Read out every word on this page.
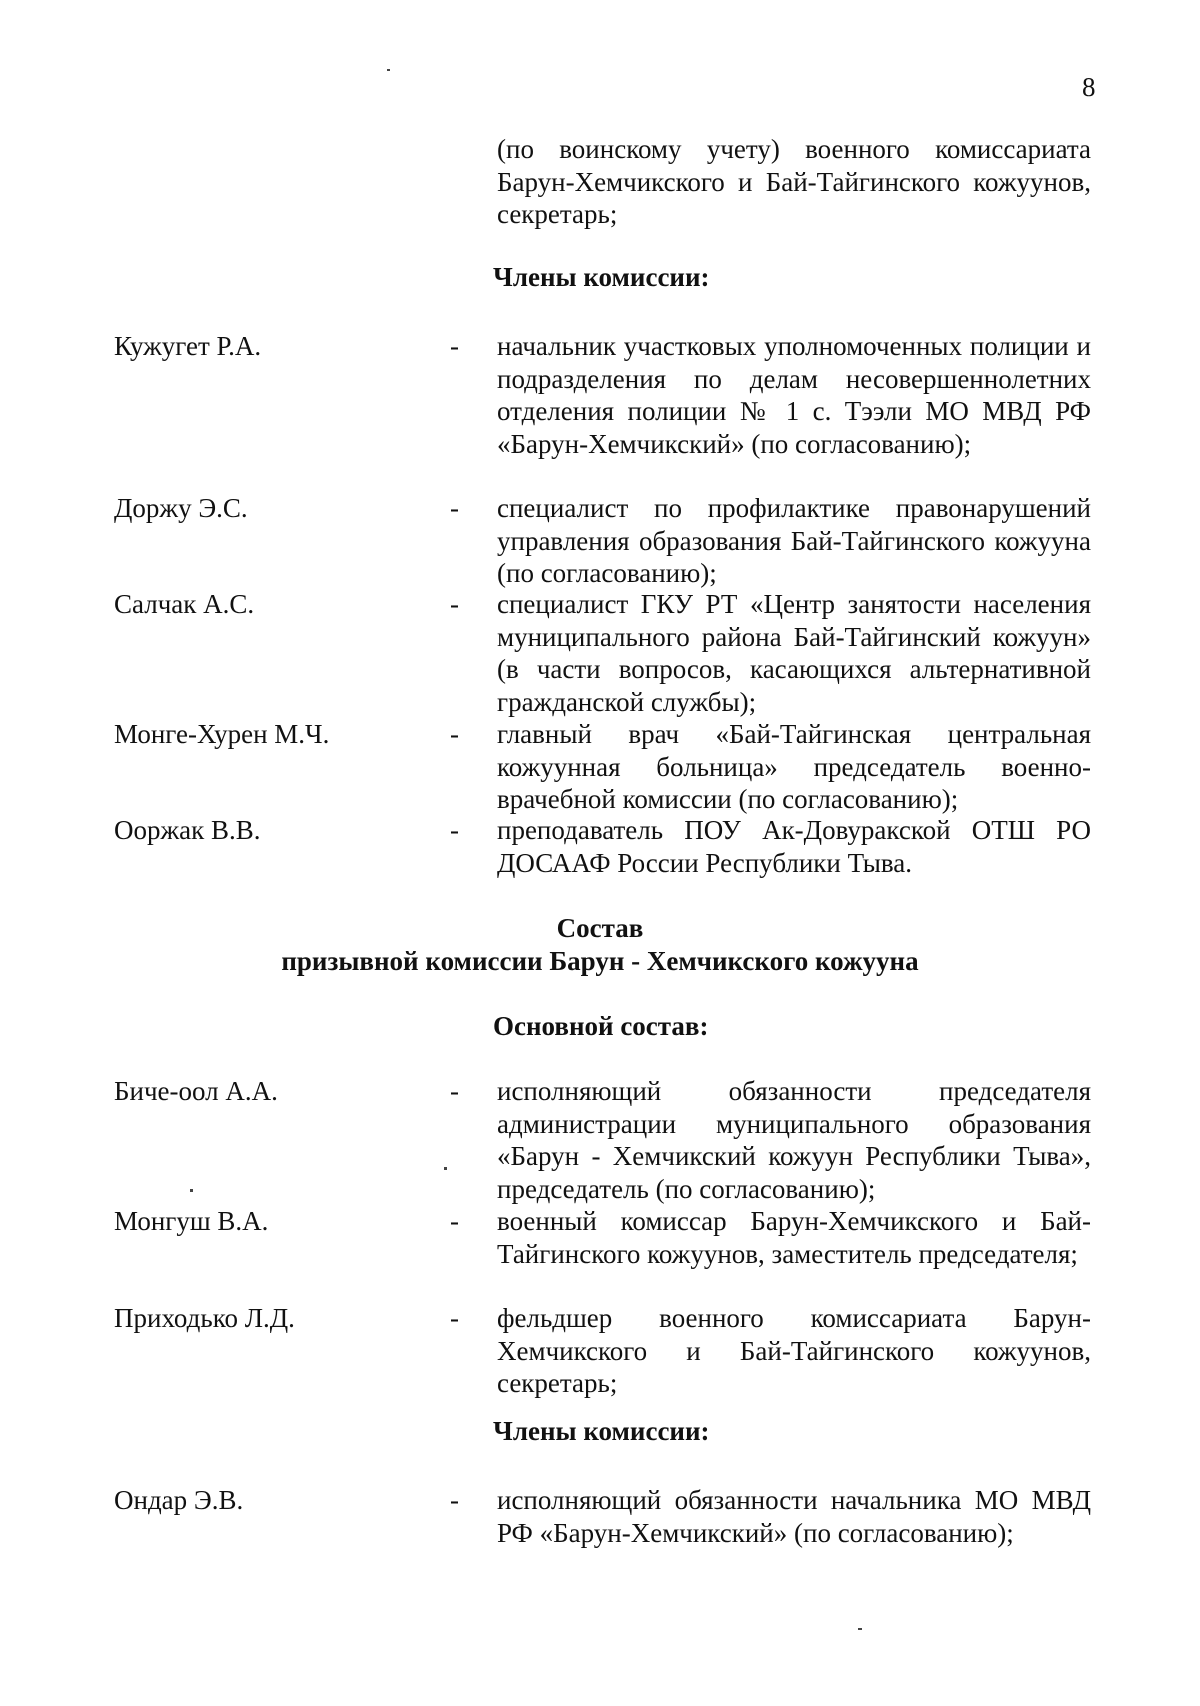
8
(по воинскому учету) военного комиссариата Барун-Хемчикского и Бай-Тайгинского кожуунов, секретарь;
Члены комиссии:
Кужугет Р.А.	- начальник участковых уполномоченных полиции и подразделения по делам несовершеннолетних отделения полиции № 1 с. Тээли МО МВД РФ «Барун-Хемчикский» (по согласованию);
Доржу Э.С.	- специалист по профилактике правонарушений управления образования Бай-Тайгинского кожууна (по согласованию);
Салчак А.С.	- специалист ГКУ РТ «Центр занятости населения муниципального района Бай-Тайгинский кожуун» (в части вопросов, касающихся альтернативной гражданской службы);
Монге-Хурен М.Ч.	- главный врач «Бай-Тайгинская центральная кожуунная больница» председатель военно-врачебной комиссии (по согласованию);
Ооржак В.В.	- преподаватель ПОУ Ак-Довуракской ОТШ РО ДОСААФ России Республики Тыва.
Состав
призывной комиссии Барун - Хемчикского кожууна
Основной состав:
Биче-оол А.А.	- исполняющий обязанности председателя администрации муниципального образования «Барун - Хемчикский кожуун Республики Тыва», председатель (по согласованию);
Монгуш В.А.	- военный комиссар Барун-Хемчикского и Бай-Тайгинского кожуунов, заместитель председателя;
Приходько Л.Д.	- фельдшер военного комиссариата Барун-Хемчикского и Бай-Тайгинского кожуунов, секретарь;
Члены комиссии:
Ондар Э.В.	- исполняющий обязанности начальника МО МВД РФ «Барун-Хемчикский» (по согласованию);
